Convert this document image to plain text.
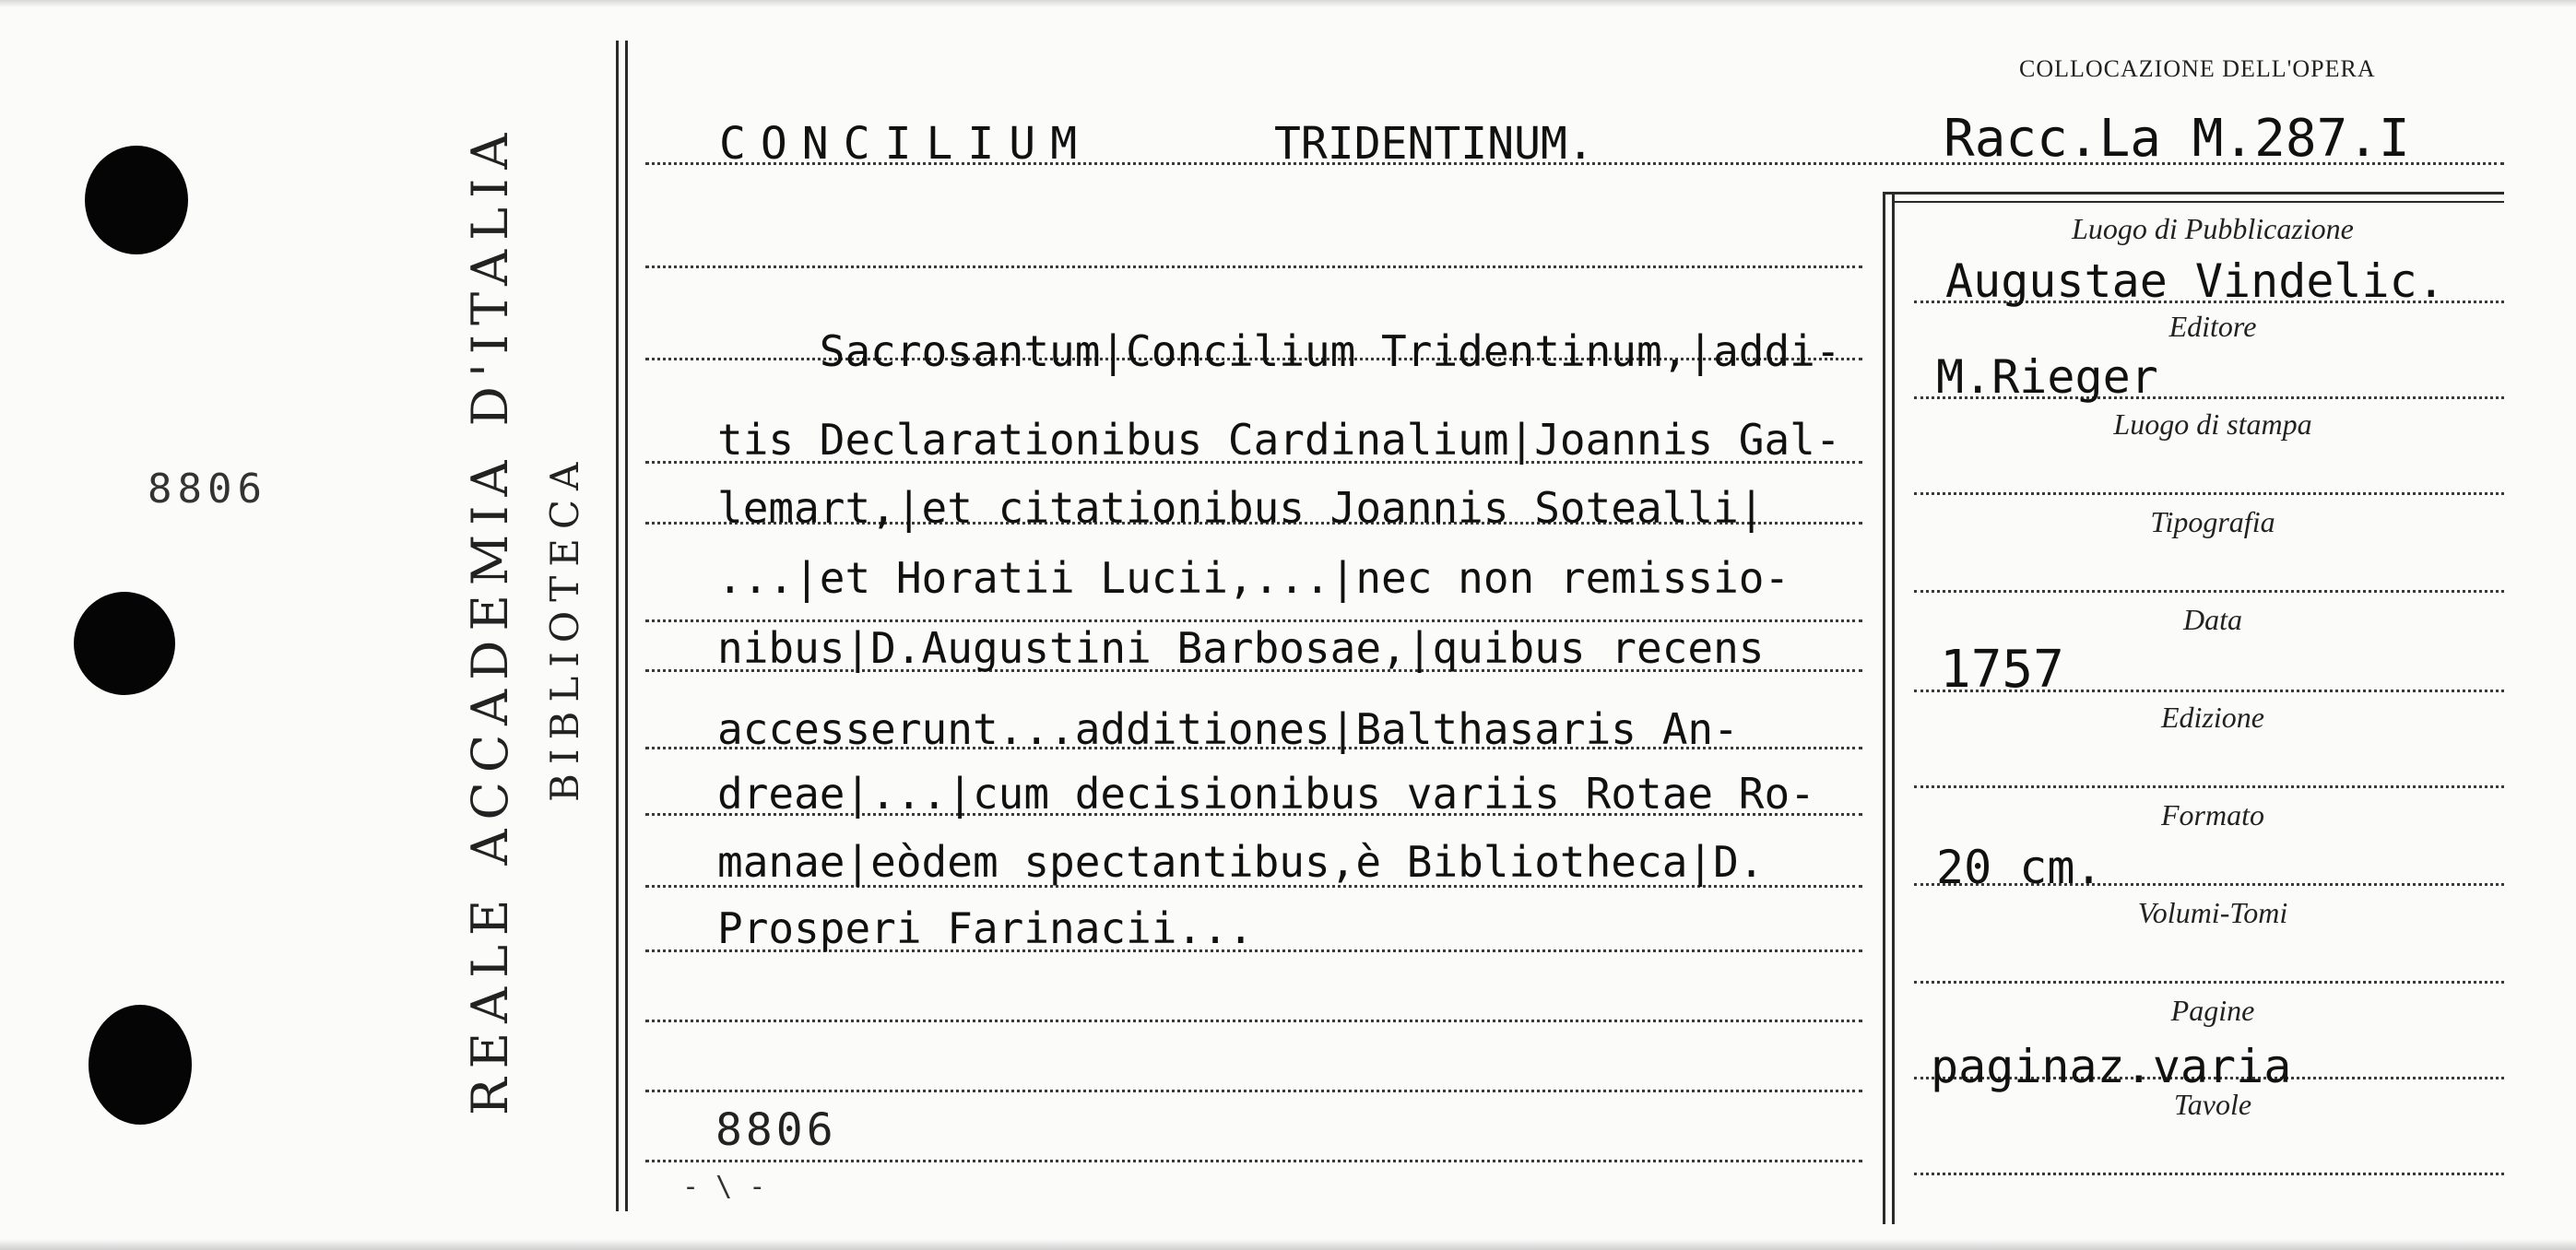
8806	REALE ACCADEMIA D'ITALIA BIBLIOTECA
COLLOCAZIONE DELL'OPERA
Racc.La M.287.I
CONCILIUM	TRIDENTINUM.
Sacrosantum|Concilium Tridentinum,|addi-
tis Declarationibus Cardinalium|Joannis Gal-
lemart,|et citationibus Joannis Sotealli|
...|et Horatii Lucii,...|nec non remissio-
nibus|D.Augustini Barbosae,|quibus recens
accesserunt...additiones|Balthasaris An-
dreae|...|cum decisionibus variis Rotae Ro-
manae|eòdem spectantibus,è Bibliotheca|D.
Prosperi Farinacii...
8806
- \ -
Luogo di Pubblicazione
Editore
Luogo di stampa
Tipografia
Data
Edizione
Formato
Volumi-Tomi
Pagine
Tavole
Augustae Vindelic.
M.Rieger
1757
20 cm.
paginaz.varia
